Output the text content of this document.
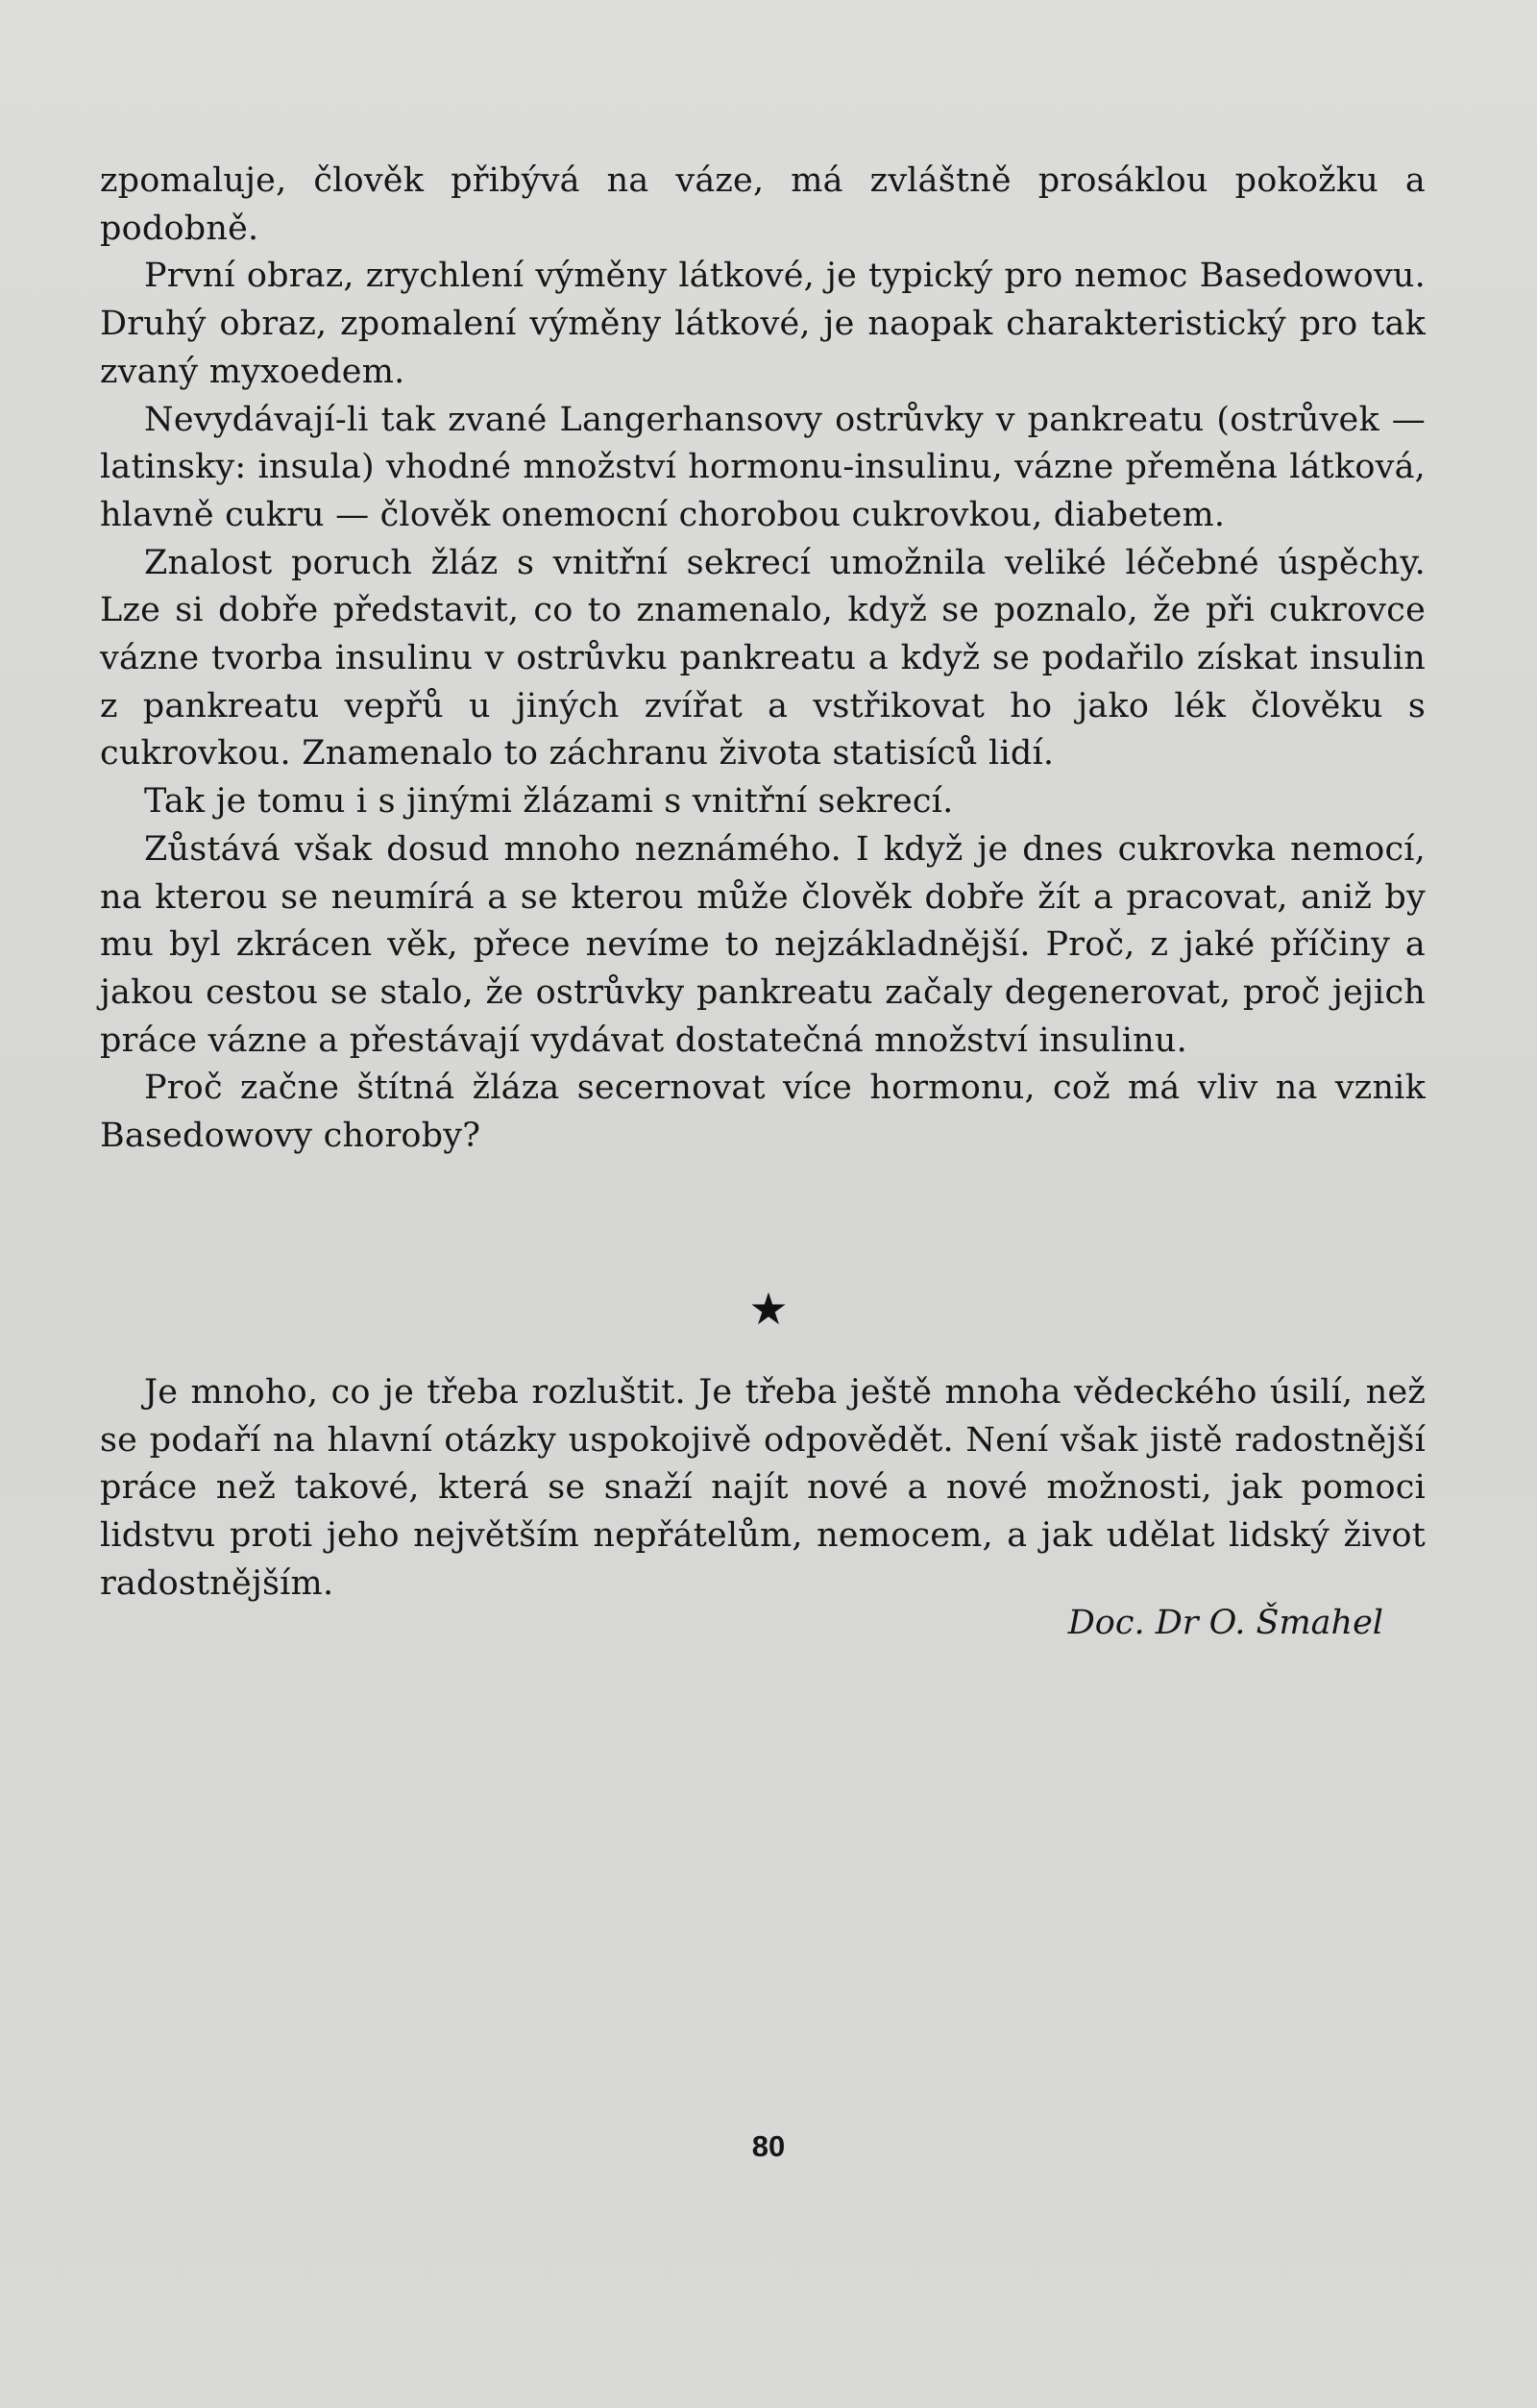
zpomaluje, člověk přibývá na váze, má zvláštně prosáklou pokožku a podobně.

První obraz, zrychlení výměny látkové, je typický pro nemoc Basedowovu. Druhý obraz, zpomalení výměny látkové, je naopak charakteristický pro tak zvaný myxoedem.

Nevydávají-li tak zvané Langerhansovy ostrůvky v pankreatu (ostrůvek — latinsky: insula) vhodné množství hormonu-insulinu, vázne přeměna látková, hlavně cukru — člověk onemocní chorobou cukrovkou, diabetem.

Znalost poruch žláz s vnitřní sekrecí umožnila veliké léčebné úspěchy. Lze si dobře představit, co to znamenalo, když se poznalo, že při cukrovce vázne tvorba insulinu v ostrůvku pankreatu a když se podařilo získat insulin z pankreatu vepřů u jiných zvířat a vstřikovat ho jako lék člověku s cukrovkou. Znamenalo to záchranu života statisíců lidí.

Tak je tomu i s jinými žlázami s vnitřní sekrecí.

Zůstává však dosud mnoho neznámého. I když je dnes cukrovka nemocí, na kterou se neumírá a se kterou může člověk dobře žít a pracovat, aniž by mu byl zkrácen věk, přece nevíme to nejzákladnější. Proč, z jaké příčiny a jakou cestou se stalo, že ostrůvky pankreatu začaly degenerovat, proč jejich práce vázne a přestávají vydávat dostatečná množství insulinu.

Proč začne štítná žláza secernovat více hormonu, což má vliv na vznik Basedowovy choroby?

★

Je mnoho, co je třeba rozluštit. Je třeba ještě mnoha vědeckého úsilí, než se podaří na hlavní otázky uspokojivě odpovědět. Není však jistě radostnější práce než takové, která se snaží najít nové a nové možnosti, jak pomoci lidstvu proti jeho největším nepřátelům, nemocem, a jak udělat lidský život radostnějším.

Doc. Dr O. Šmahel
80
